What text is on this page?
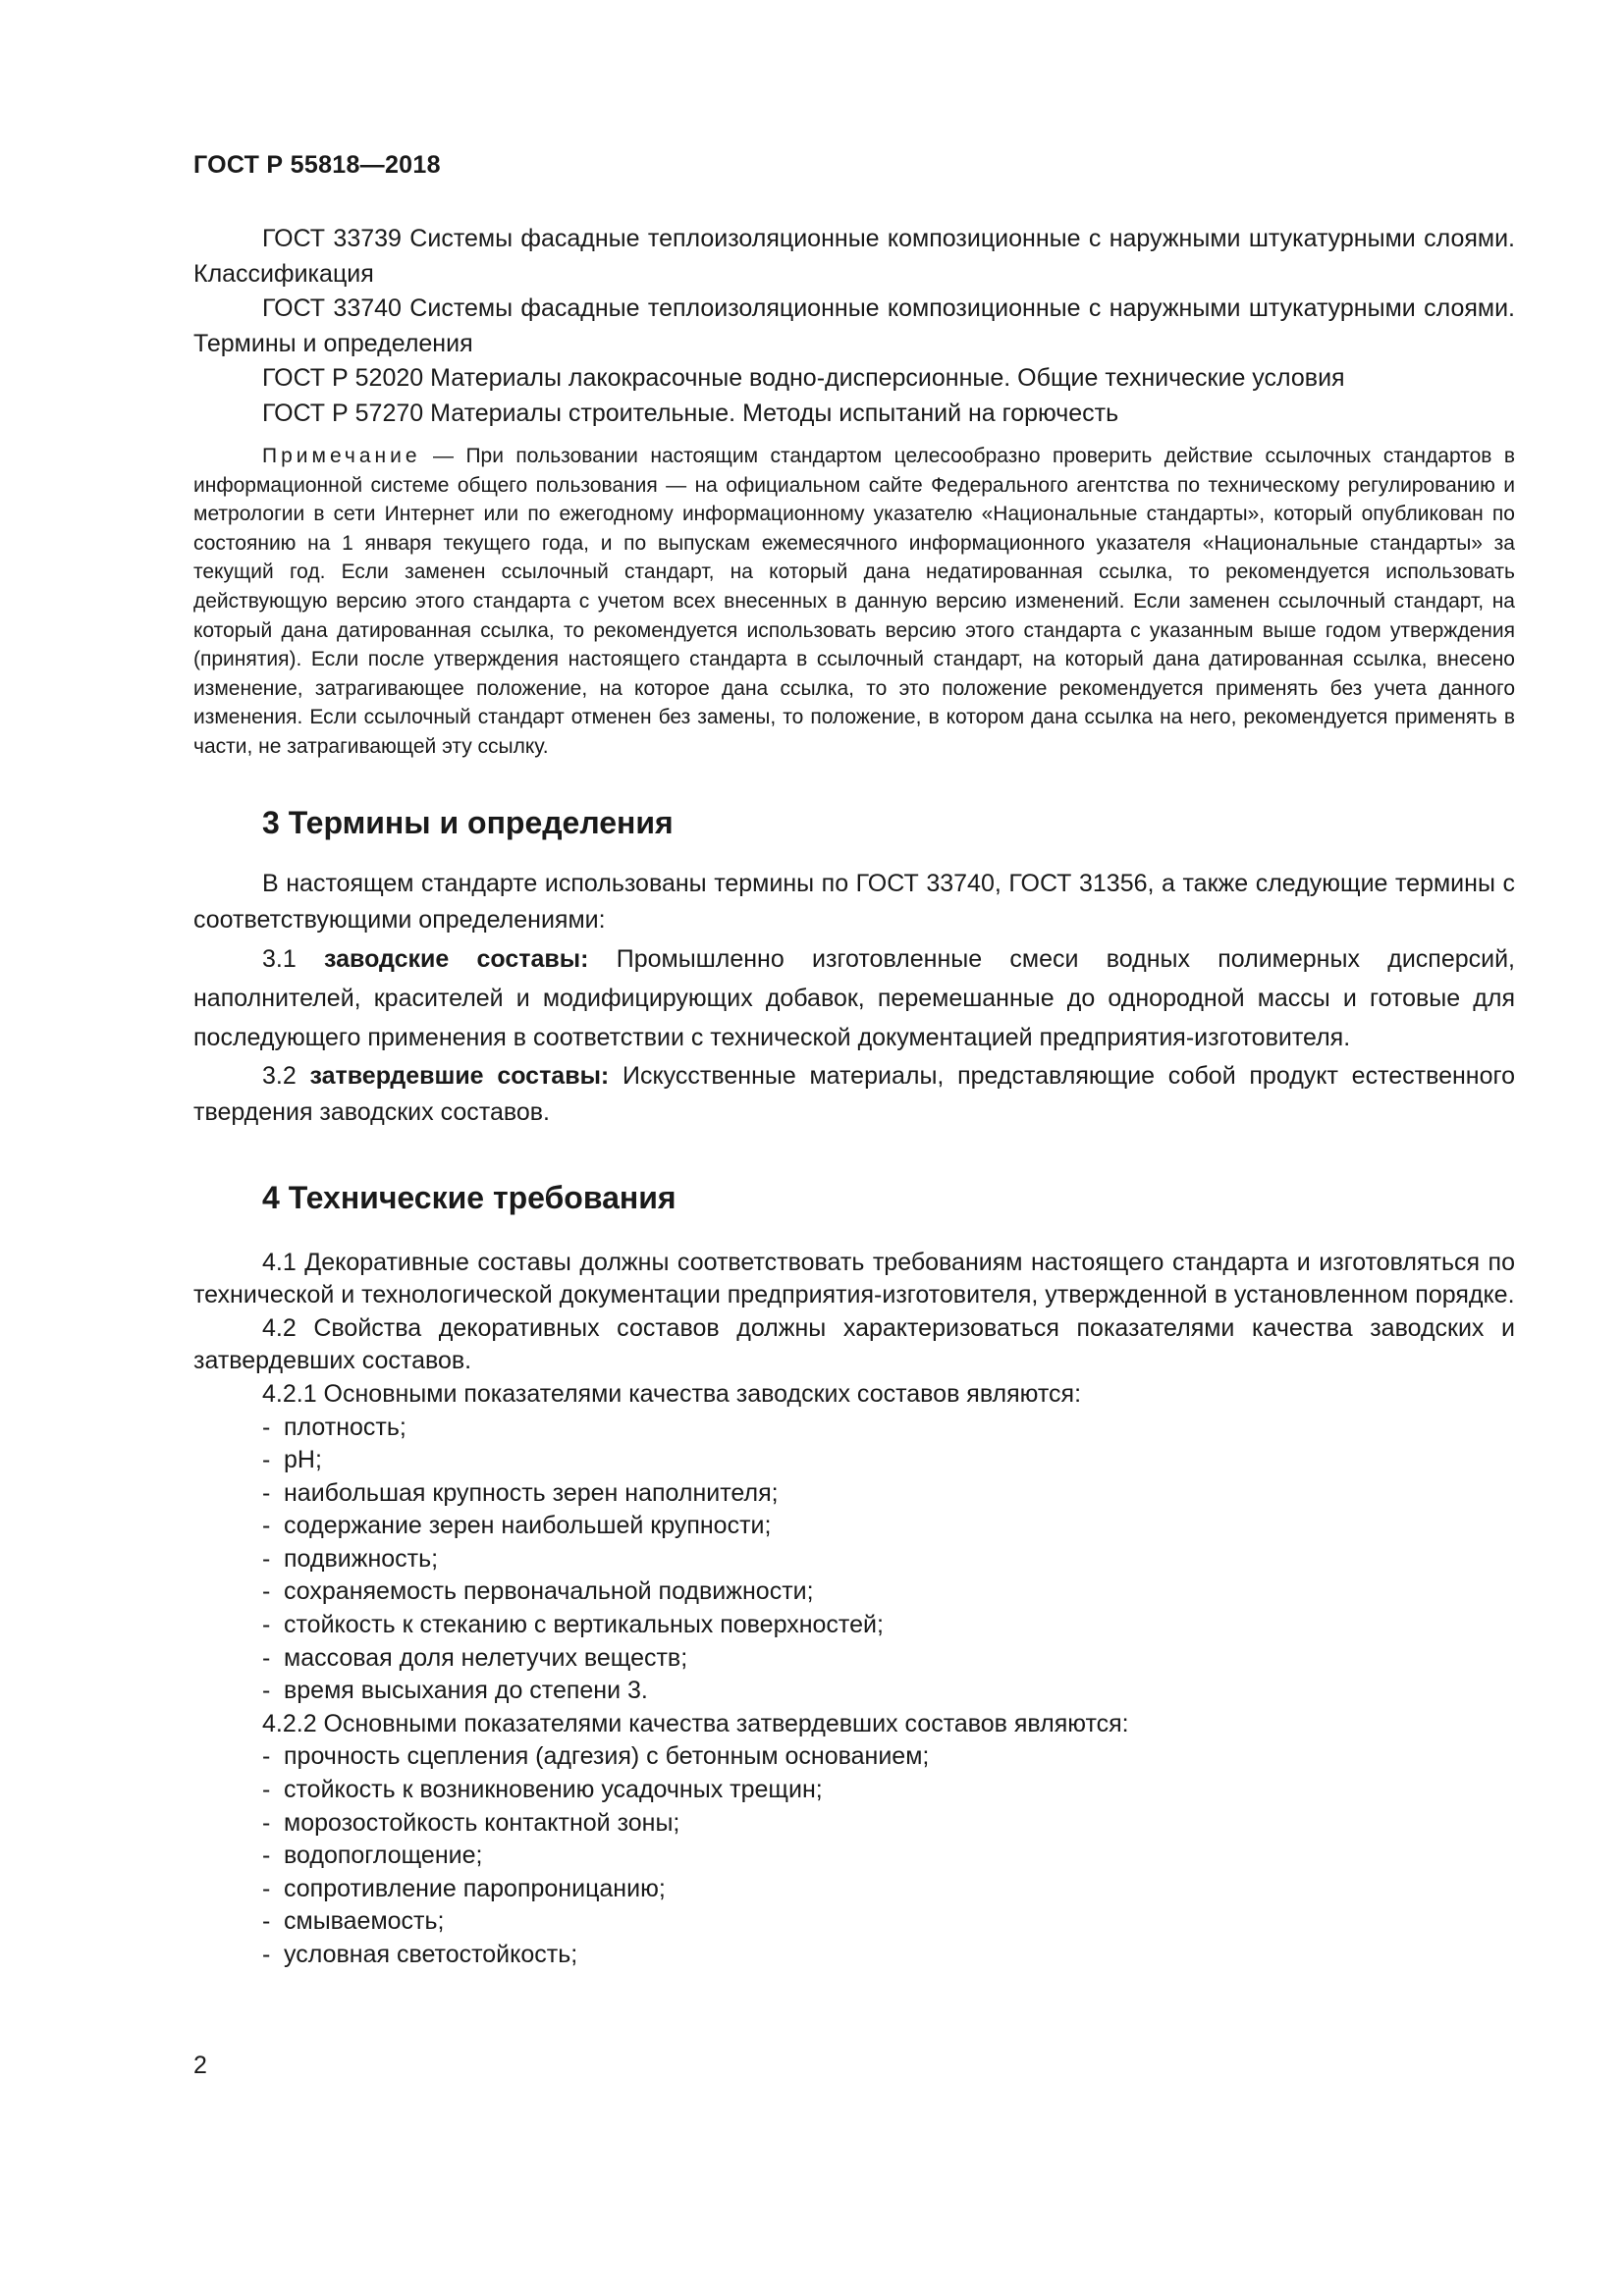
ГОСТ Р 55818—2018

ГОСТ 33739 Системы фасадные теплоизоляционные композиционные с наружными штукатурными слоями. Классификация

ГОСТ 33740 Системы фасадные теплоизоляционные композиционные с наружными штукатурными слоями. Термины и определения

ГОСТ Р 52020 Материалы лакокрасочные водно-дисперсионные. Общие технические условия

ГОСТ Р 57270 Материалы строительные. Методы испытаний на горючесть

Примечание — При пользовании настоящим стандартом целесообразно проверить действие ссылочных стандартов в информационной системе общего пользования — на официальном сайте Федерального агентства по техническому регулированию и метрологии в сети Интернет или по ежегодному информационному указателю «Национальные стандарты», который опубликован по состоянию на 1 января текущего года, и по выпускам ежемесячного информационного указателя «Национальные стандарты» за текущий год. Если заменен ссылочный стандарт, на который дана недатированная ссылка, то рекомендуется использовать действующую версию этого стандарта с учетом всех внесенных в данную версию изменений. Если заменен ссылочный стандарт, на который дана датированная ссылка, то рекомендуется использовать версию этого стандарта с указанным выше годом утверждения (принятия). Если после утверждения настоящего стандарта в ссылочный стандарт, на который дана датированная ссылка, внесено изменение, затрагивающее положение, на которое дана ссылка, то это положение рекомендуется применять без учета данного изменения. Если ссылочный стандарт отменен без замены, то положение, в котором дана ссылка на него, рекомендуется применять в части, не затрагивающей эту ссылку.
3 Термины и определения

В настоящем стандарте использованы термины по ГОСТ 33740, ГОСТ 31356, а также следующие термины с соответствующими определениями:

3.1 заводские составы: Промышленно изготовленные смеси водных полимерных дисперсий, наполнителей, красителей и модифицирующих добавок, перемешанные до однородной массы и готовые для последующего применения в соответствии с технической документацией предприятия-изготовителя.

3.2 затвердевшие составы: Искусственные материалы, представляющие собой продукт естественного твердения заводских составов.

4 Технические требования

4.1 Декоративные составы должны соответствовать требованиям настоящего стандарта и изготовляться по технической и технологической документации предприятия-изготовителя, утвержденной в установленном порядке.

4.2 Свойства декоративных составов должны характеризоваться показателями качества заводских и затвердевших составов.

4.2.1 Основными показателями качества заводских составов являются:

- плотность;
- pH;
- наибольшая крупность зерен наполнителя;
- содержание зерен наибольшей крупности;
- подвижность;
- сохраняемость первоначальной подвижности;
- стойкость к стеканию с вертикальных поверхностей;
- массовая доля нелетучих веществ;
- время высыхания до степени 3.

4.2.2 Основными показателями качества затвердевших составов являются:

- прочность сцепления (адгезия) с бетонным основанием;
- стойкость к возникновению усадочных трещин;
- морозостойкость контактной зоны;
- водопоглощение;
- сопротивление паропроницанию;
- смываемость;
- условная светостойкость;
2
